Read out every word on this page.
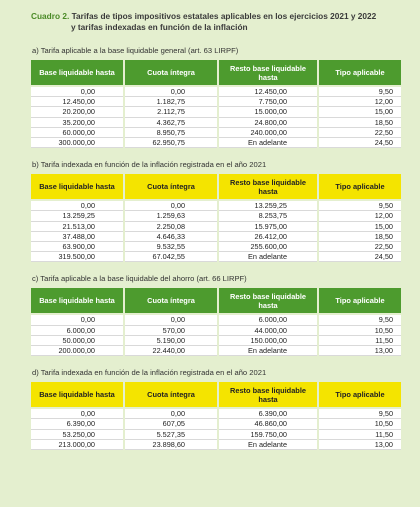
Cuadro 2. Tarifas de tipos impositivos estatales aplicables en los ejercicios 2021 y 2022
y tarifas indexadas en función de la inflación
a) Tarifa aplicable a la base liquidable general (art. 63 LIRPF)
Base liquidable hasta	Cuota íntegra	Resto base liquidable hasta	Tipo aplicable
0,00	0,00	12.450,00	9,50
12.450,00	1.182,75	7.750,00	12,00
20.200,00	2.112,75	15.000,00	15,00
35.200,00	4.362,75	24.800,00	18,50
60.000,00	8.950,75	240.000,00	22,50
300.000,00	62.950,75	En adelante	24,50
b) Tarifa indexada en función de la inflación registrada en el año 2021
Base liquidable hasta	Cuota íntegra	Resto base liquidable hasta	Tipo aplicable
0,00	0,00	13.259,25	9,50
13.259,25	1.259,63	8.253,75	12,00
21.513,00	2.250,08	15.975,00	15,00
37.488,00	4.646,33	26.412,00	18,50
63.900,00	9.532,55	255.600,00	22,50
319.500,00	67.042,55	En adelante	24,50
c) Tarifa aplicable a la base liquidable del ahorro (art. 66 LIRPF)
Base liquidable hasta	Cuota íntegra	Resto base liquidable hasta	Tipo aplicable
0,00	0,00	6.000,00	9,50
6.000,00	570,00	44.000,00	10,50
50.000,00	5.190,00	150.000,00	11,50
200.000,00	22.440,00	En adelante	13,00
d) Tarifa indexada en función de la inflación registrada en el año 2021
Base liquidable hasta	Cuota íntegra	Resto base liquidable hasta	Tipo aplicable
0,00	0,00	6.390,00	9,50
6.390,00	607,05	46.860,00	10,50
53.250,00	5.527,35	159.750,00	11,50
213.000,00	23.898,60	En adelante	13,00
